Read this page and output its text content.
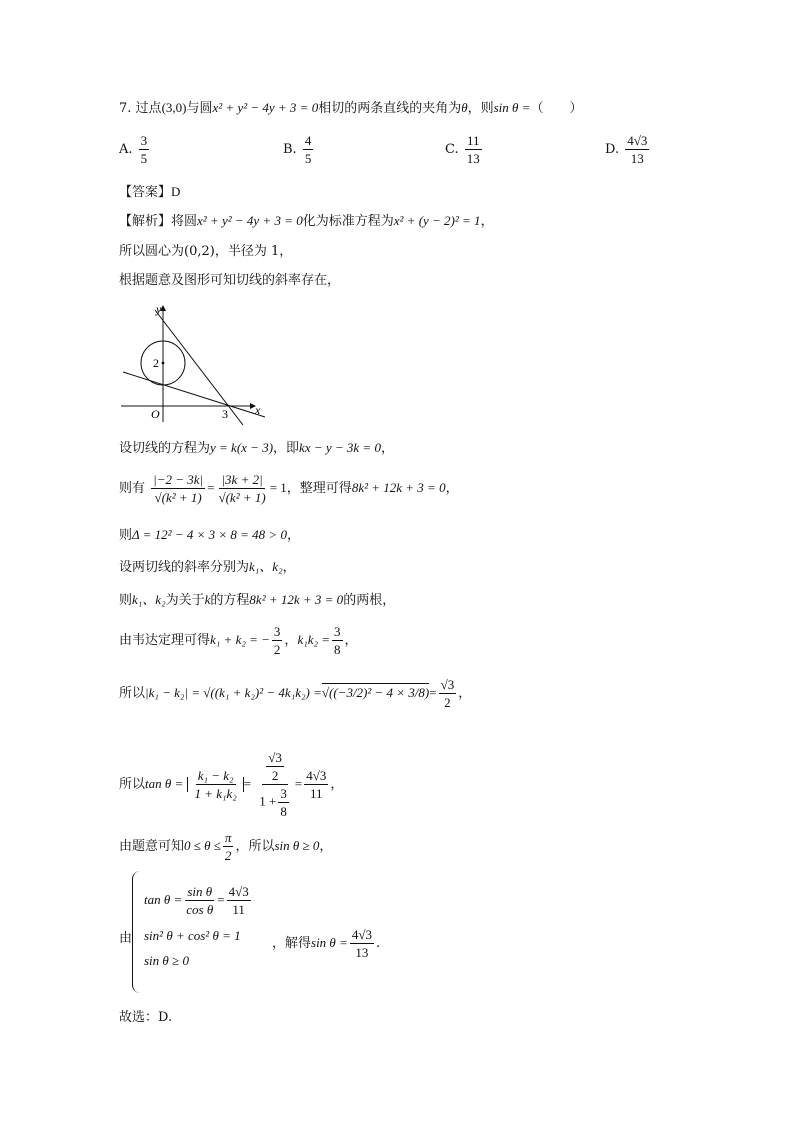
7. 过点(3,0)与圆x² + y² − 4y + 3 = 0相切的两条直线的夹角为θ，则sin θ =（　　）
A. $\frac{3}{5}$	B. $\frac{4}{5}$	C. $\frac{11}{13}$	D. $\frac{4√3}{13}$
【答案】D
【解析】将圆x² + y² − 4y + 3 = 0化为标准方程为x² + (y − 2)² = 1，
所以圆心为(0,2)，半径为 1，
根据题意及图形可知切线的斜率存在，
y
x
O
2
3
设切线的方程为y = k(x − 3)，即kx − y − 3k = 0，
则有 $\frac{|-2 - 3k|}{\text{√(k² + 1)}} = \frac{|3k + 2|}{\text{√(k² + 1)}} = 1$，整理可得8k² + 12k + 3 = 0，
则Δ = 12² − 4 × 3 × 8 = 48 > 0，
设两切线的斜率分别为k₁、k₂，
则k₁、k₂为关于k的方程8k² + 12k + 3 = 0的两根，
由韦达定理可得k₁ + k₂ = − $\frac{3}{2}$ ，$k_1k_2 = \frac{3}{8}$ ，
所以$|k_1 - k_2| = √((k_1 + k_2)^2 - 4k_1k_2) =√((-3/2)^2 - 4 \times 3/8)= \frac{√3}{2}$ ，
所以$\tan \theta = \frac{\text{k₁ − k₂}}{\text{1 + k₁k₂}} = \frac{\frac{√3}{2}}{1 + \frac{3}{8}} = \frac{4√3}{11}$ ，
由题意可知$0 \le \theta \le \frac{\pi}{2}$ ，所以sin θ ≥ 0，
由
$\tan \theta = \frac{\text{sin θ}}{\text{cos θ}} = \frac{4√3}{11}$
sin² θ + cos² θ = 1
sin θ ≥ 0
，解得$\sin \theta = \frac{4√3}{13}$ .
故选：D.
